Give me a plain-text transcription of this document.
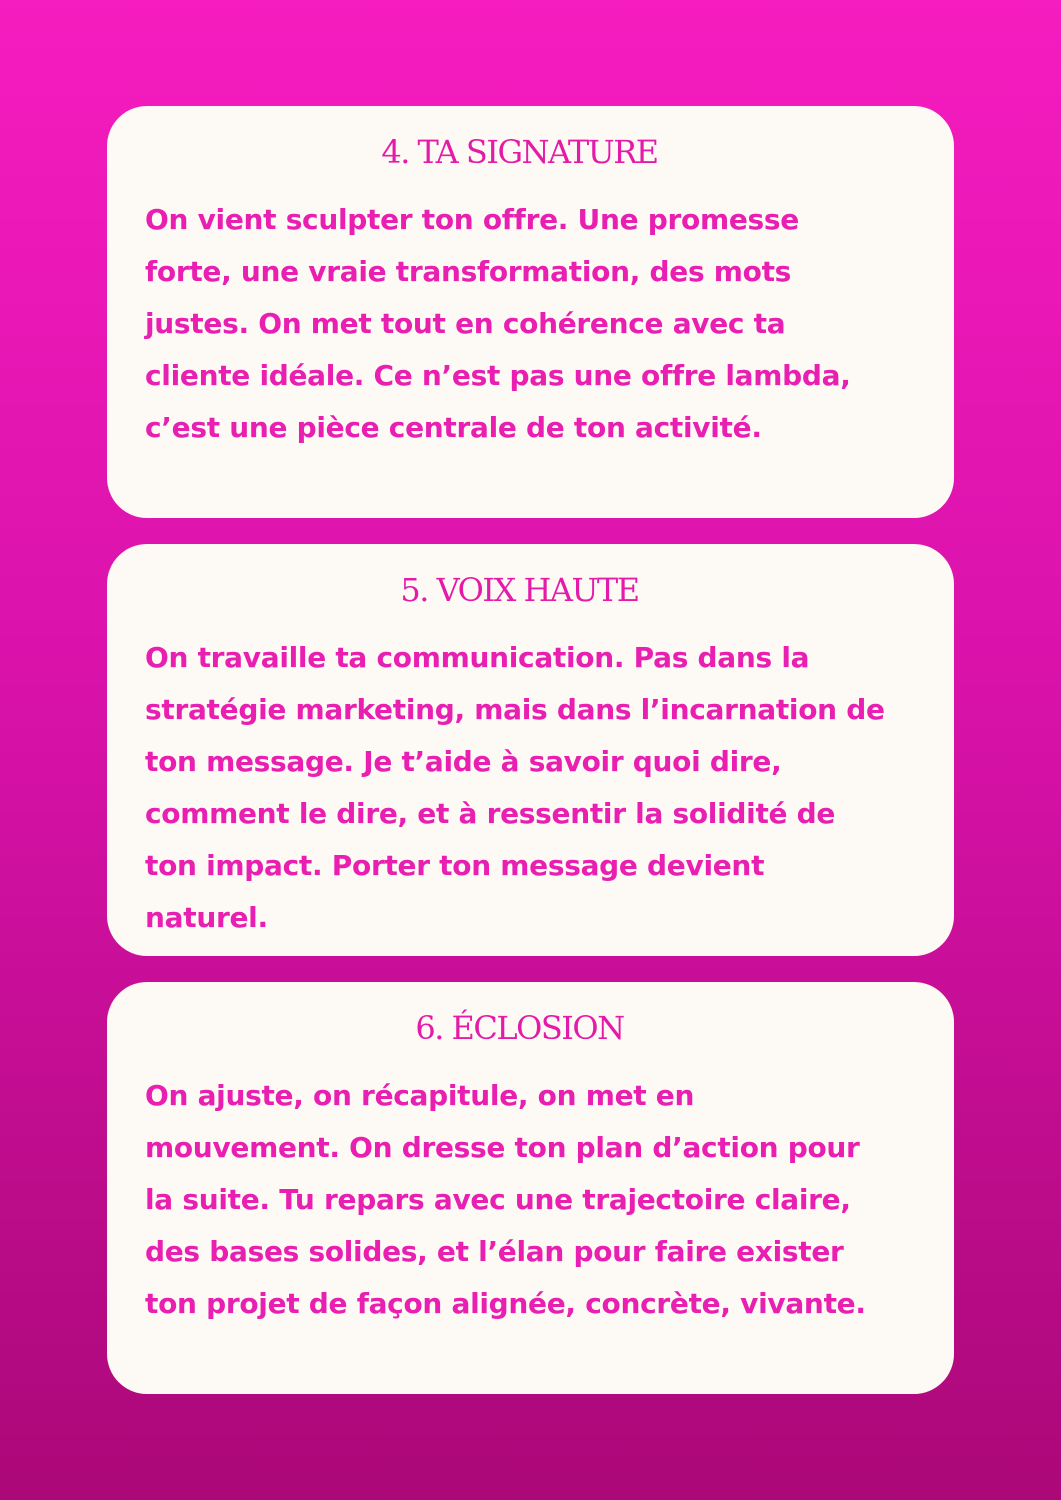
4. TA SIGNATURE

On vient sculpter ton offre. Une promesse forte, une vraie transformation, des mots justes. On met tout en cohérence avec ta cliente idéale. Ce n’est pas une offre lambda, c’est une pièce centrale de ton activité.

5. VOIX HAUTE

On travaille ta communication. Pas dans la stratégie marketing, mais dans l’incarnation de ton message. Je t’aide à savoir quoi dire, comment le dire, et à ressentir la solidité de ton impact. Porter ton message devient naturel.

6. ÉCLOSION

On ajuste, on récapitule, on met en mouvement. On dresse ton plan d’action pour la suite. Tu repars avec une trajectoire claire, des bases solides, et l’élan pour faire exister ton projet de façon alignée, concrète, vivante.
